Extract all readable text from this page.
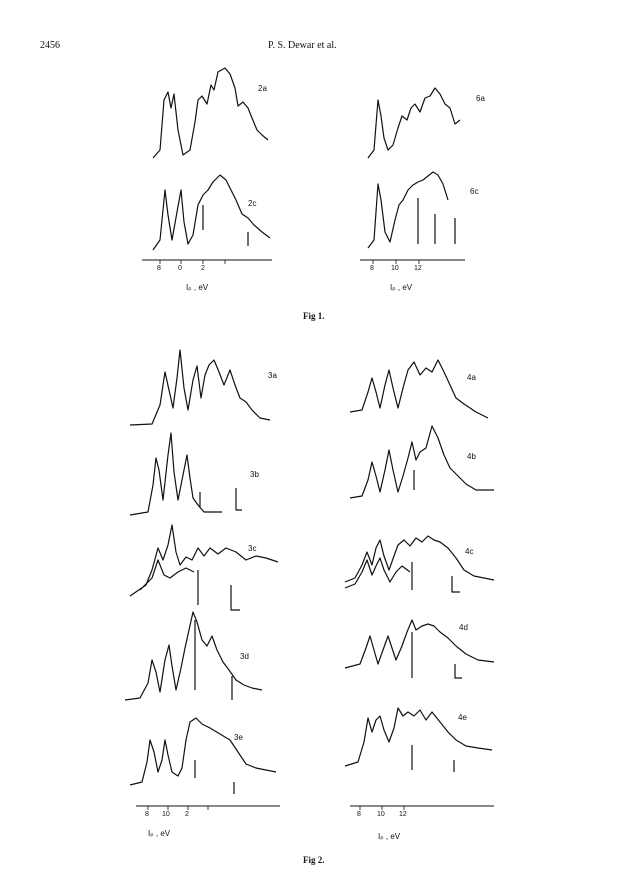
2456	P. S. Dewar et al.
2a
2c
6a
6c
8 0	2
Iₚ , eV
8 10 12
Iₚ , eV
Fig 1.
3a
3b
3c
3d
3e
4a
4b
4c
4d
4e
8 10 2
Iₚ , eV
8 10 12
Iₚ , eV
Fig 2.
